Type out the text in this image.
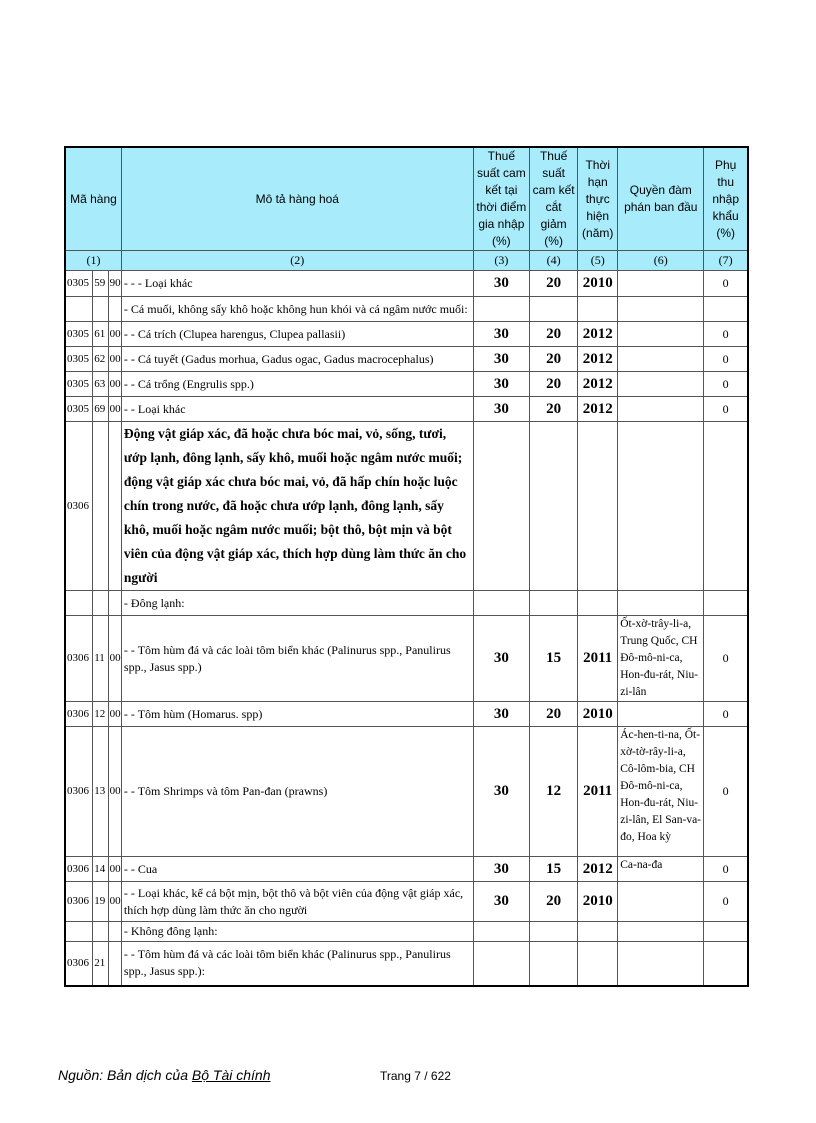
Mã hàng			Mô tả hàng hoá	Thuế suất cam kết tại thời điểm gia nhập (%)	Thuế suất cam kết cắt giảm (%)	Thời hạn thực hiện (năm)	Quyền đàm phán ban đầu	Phụ thu nhập khẩu (%)
(1)			(2)	(3)	(4)	(5)	(6)	(7)
0305	59	90	- - - Loại khác	30	20	2010		0
			- Cá muối, không sấy khô hoặc không hun khói và cá ngâm nước muối:					
0305	61	00	- - Cá trích (Clupea harengus, Clupea pallasii)	30	20	2012		0
0305	62	00	- - Cá tuyết (Gadus morhua, Gadus ogac, Gadus macrocephalus)	30	20	2012		0
0305	63	00	- - Cá trổng (Engrulis spp.)	30	20	2012		0
0305	69	00	- - Loại khác	30	20	2012		0
0306			Động vật giáp xác, đã hoặc chưa bóc mai, vỏ, sống, tươi, ướp lạnh, đông lạnh, sấy khô, muối hoặc ngâm nước muối; động vật giáp xác chưa bóc mai, vỏ, đã hấp chín hoặc luộc chín trong nước, đã hoặc chưa ướp lạnh, đông lạnh, sấy khô, muối hoặc ngâm nước muối; bột thô, bột mịn và bột viên của động vật giáp xác, thích hợp dùng làm thức ăn cho người					
			- Đông lạnh:					
0306	11	00	- - Tôm hùm đá và các loài tôm biển khác (Palinurus spp., Panulirus spp., Jasus spp.)	30	15	2011	Ốt-xờ-trây-li-a, Trung Quốc, CH Đô-mô-ni-ca, Hon-đu-rát, Niu-zi-lân	0
0306	12	00	- - Tôm hùm (Homarus. spp)	30	20	2010		0
0306	13	00	- - Tôm Shrimps và tôm Pan-đan (prawns)	30	12	2011	Ác-hen-ti-na, Ốt-xờ-tờ-rây-li-a, Cô-lôm-bia, CH Đô-mô-ni-ca, Hon-đu-rát, Niu-zi-lân, El San-va-đo, Hoa kỳ	0
0306	14	00	- - Cua	30	15	2012	Ca-na-đa	0
0306	19	00	- - Loại khác, kể cả bột mịn, bột thô và bột viên của động vật giáp xác, thích hợp dùng làm thức ăn cho người	30	20	2010		0
			- Không đông lạnh:					
0306	21		- - Tôm hùm đá và các loài tôm biển khác (Palinurus spp., Panulirus spp., Jasus spp.):					
Nguồn: Bản dịch của Bộ Tài chính	Trang 7 / 622
